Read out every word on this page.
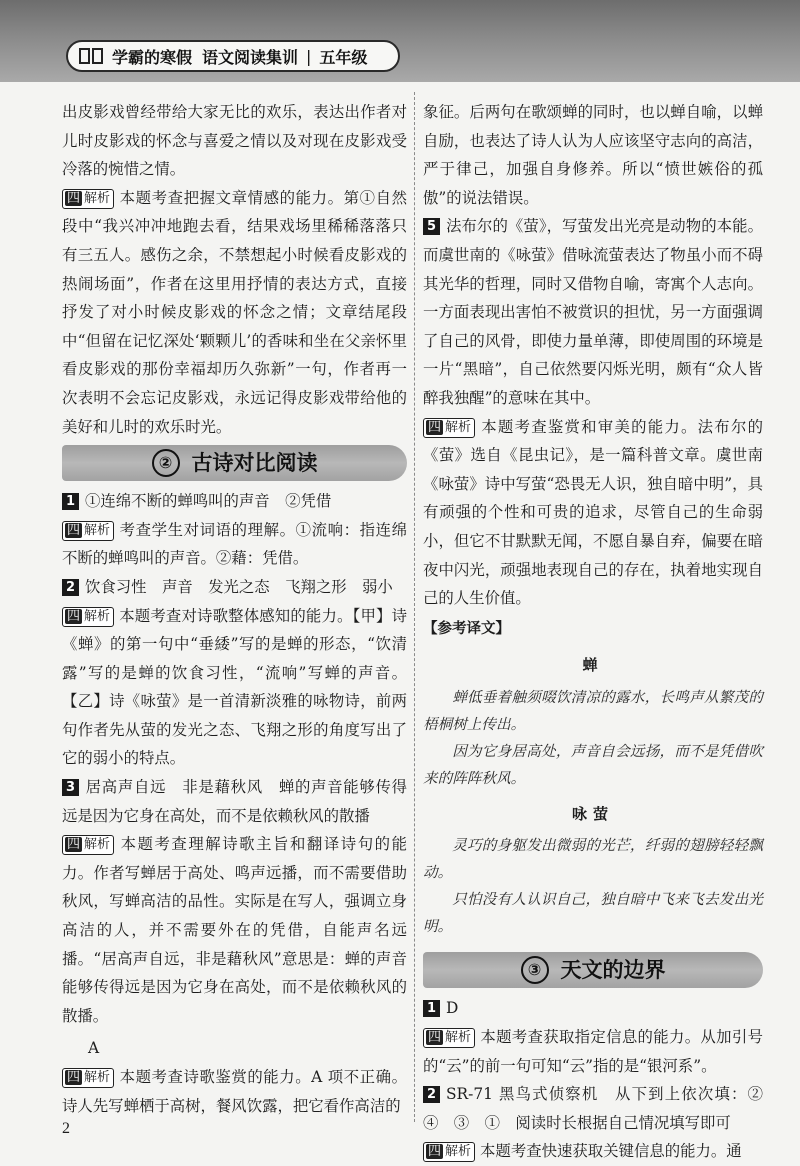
学霸的寒假 语文阅读集训 | 五年级

出皮影戏曾经带给大家无比的欢乐，表达出作者对儿时皮影戏的怀念与喜爱之情以及对现在皮影戏受冷落的惋惜之情。

四 解析 本题考查把握文章情感的能力。第①自然段中“我兴冲冲地跑去看，结果戏场里稀稀落落只有三五人。感伤之余，不禁想起小时候看皮影戏的热闹场面”，作者在这里用抒情的表达方式，直接抒发了对小时候皮影戏的怀念之情；文章结尾段中“但留在记忆深处‘颗颗儿’的香味和坐在父亲怀里看皮影戏的那份幸福却历久弥新”一句，作者再一次表明不会忘记皮影戏，永远记得皮影戏带给他的美好和儿时的欢乐时光。

② 古诗对比阅读

1 ①连绵不断的蝉鸣叫的声音　②凭借

四 解析 考查学生对词语的理解。①流响：指连绵不断的蝉鸣叫的声音。②藉：凭借。

2 饮食习性　声音　发光之态　飞翔之形　弱小

四 解析 本题考查对诗歌整体感知的能力。【甲】诗《蝉》的第一句中“垂緌”写的是蝉的形态，“饮清露”写的是蝉的饮食习性，“流响”写蝉的声音。【乙】诗《咏萤》是一首清新淡雅的咏物诗，前两句作者先从萤的发光之态、飞翔之形的角度写出了它的弱小的特点。

3 居高声自远　非是藉秋风　蝉的声音能够传得远是因为它身在高处，而不是依赖秋风的散播

四 解析 本题考查理解诗歌主旨和翻译诗句的能力。作者写蝉居于高处、鸣声远播，而不需要借助秋风，写蝉高洁的品性。实际是在写人，强调立身高洁的人，并不需要外在的凭借，自能声名远播。“居高声自远，非是藉秋风”意思是：蝉的声音能够传得远是因为它身在高处，而不是依赖秋风的散播。

A

四 解析 本题考查诗歌鉴赏的能力。A 项不正确。诗人先写蝉栖于高树，餐风饮露，把它看作高洁的

象征。后两句在歌颂蝉的同时，也以蝉自喻，以蝉自励，也表达了诗人认为人应该坚守志向的高洁，严于律己，加强自身修养。所以“愤世嫉俗的孤傲”的说法错误。

5 法布尔的《萤》，写萤发出光亮是动物的本能。而虞世南的《咏萤》借咏流萤表达了物虽小而不碍其光华的哲理，同时又借物自喻，寄寓个人志向。一方面表现出害怕不被赏识的担忧，另一方面强调了自己的风骨，即使力量单薄，即使周围的环境是一片“黑暗”，自己依然要闪烁光明，颇有“众人皆醉我独醒”的意味在其中。

四 解析 本题考查鉴赏和审美的能力。法布尔的《萤》选自《昆虫记》，是一篇科普文章。虞世南《咏萤》诗中写萤“恐畏无人识，独自暗中明”，具有顽强的个性和可贵的追求，尽管自己的生命弱小，但它不甘默默无闻，不愿自暴自弃，偏要在暗夜中闪光，顽强地表现自己的存在，执着地实现自己的人生价值。

【参考译文】
蝉

蝉低垂着触须啜饮清凉的露水，长鸣声从繁茂的梧桐树上传出。

因为它身居高处，声音自会远扬，而不是凭借吹来的阵阵秋风。

咏萤

灵巧的身躯发出微弱的光芒，纤弱的翅膀轻轻飘动。

只怕没有人认识自己，独自暗中飞来飞去发出光明。

③ 天文的边界

1 D

四 解析 本题考查获取指定信息的能力。从加引号的“云”的前一句可知“云”指的是“银河系”。

2 SR-71 黑鸟式侦察机　从下到上依次填：②　④　③　①　阅读时长根据自己情况填写即可

四 解析 本题考查快速获取关键信息的能力。通

2
